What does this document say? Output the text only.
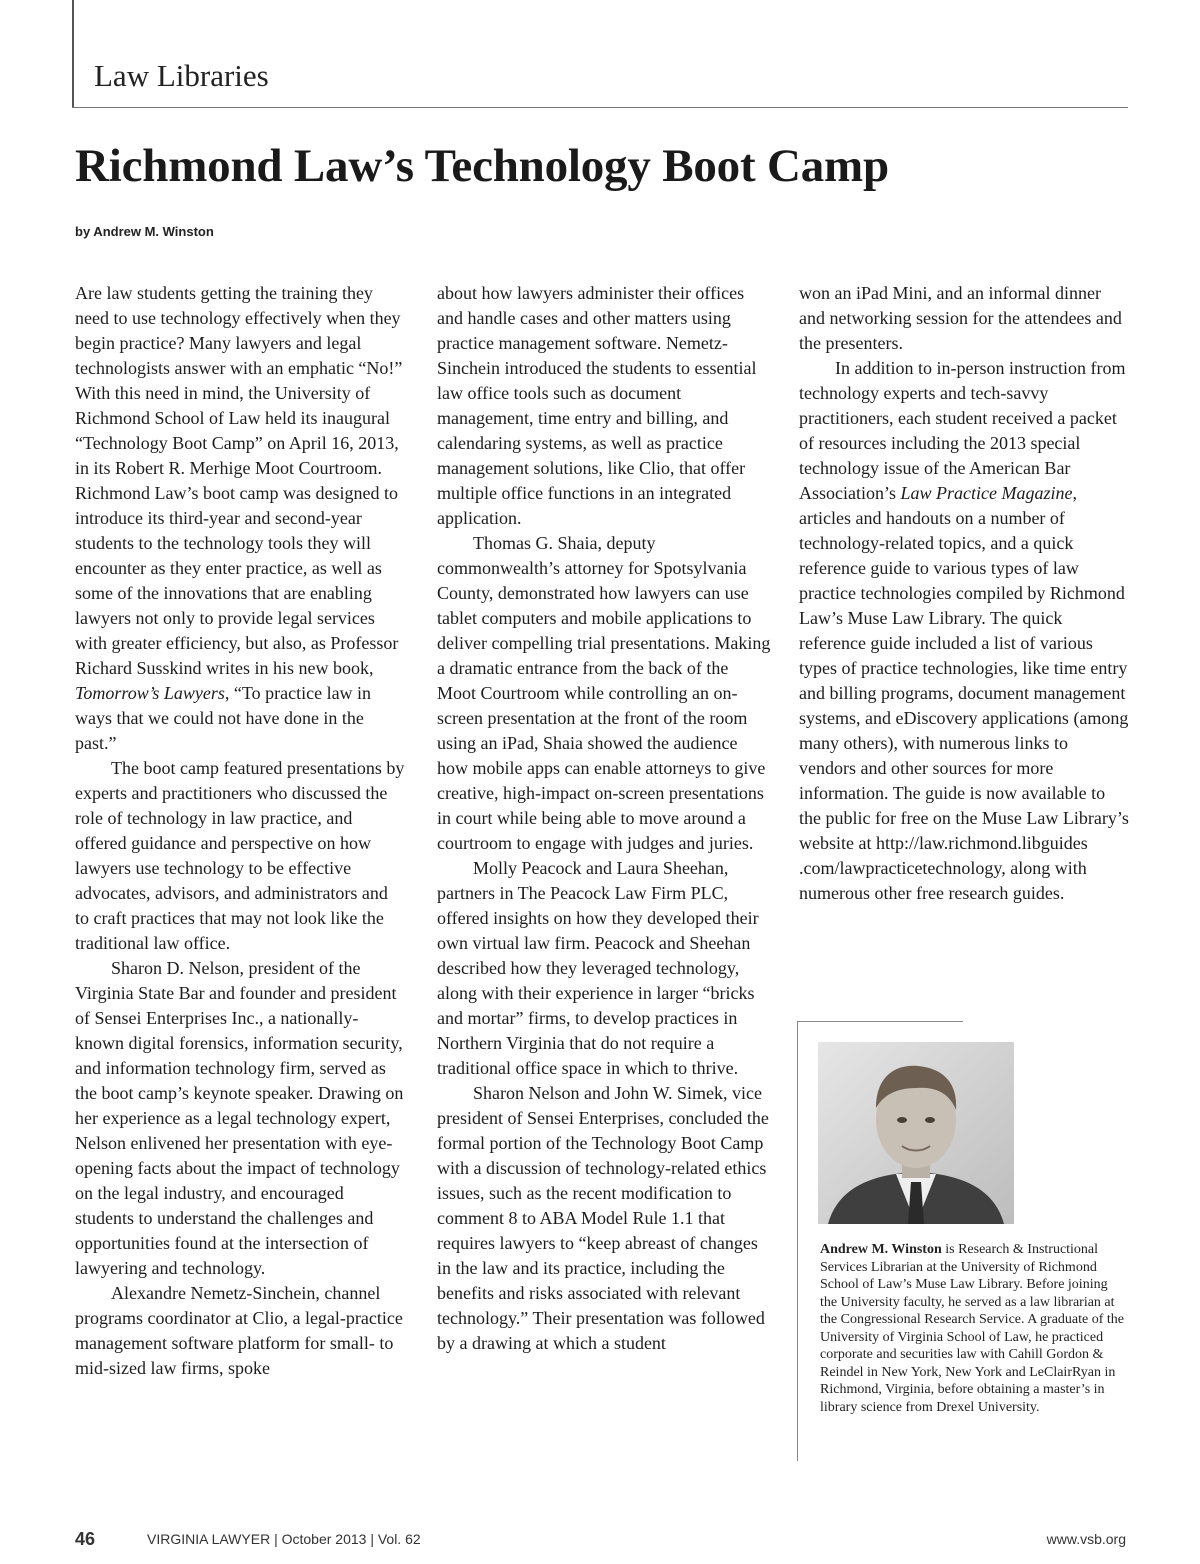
Law Libraries
Richmond Law’s Technology Boot Camp

by Andrew M. Winston

Are law students getting the training they need to use technology effectively when they begin practice? Many lawyers and legal technologists answer with an emphatic “No!” With this need in mind, the University of Richmond School of Law held its inaugural “Technology Boot Camp” on April 16, 2013, in its Robert R. Merhige Moot Courtroom. Richmond Law’s boot camp was designed to introduce its third-year and second-year students to the technology tools they will encounter as they enter practice, as well as some of the innovations that are enabling lawyers not only to provide legal services with greater efficiency, but also, as Professor Richard Susskind writes in his new book, Tomorrow’s Lawyers, “To practice law in ways that we could not have done in the past.”

The boot camp featured presentations by experts and practitioners who discussed the role of technology in law practice, and offered guidance and perspective on how lawyers use technology to be effective advocates, advisors, and administrators and to craft practices that may not look like the traditional law office.

Sharon D. Nelson, president of the Virginia State Bar and founder and president of Sensei Enterprises Inc., a nationally-known digital forensics, information security, and information technology firm, served as the boot camp’s keynote speaker. Drawing on her experience as a legal technology expert, Nelson enlivened her presentation with eye-opening facts about the impact of technology on the legal industry, and encouraged students to understand the challenges and opportunities found at the intersection of lawyering and technology.

Alexandre Nemetz-Sinchein, channel programs coordinator at Clio, a legal-practice management software platform for small- to mid-sized law firms, spoke

about how lawyers administer their offices and handle cases and other matters using practice management software. Nemetz-Sinchein introduced the students to essential law office tools such as document management, time entry and billing, and calendaring systems, as well as practice management solutions, like Clio, that offer multiple office functions in an integrated application.

Thomas G. Shaia, deputy commonwealth’s attorney for Spotsylvania County, demonstrated how lawyers can use tablet computers and mobile applications to deliver compelling trial presentations. Making a dramatic entrance from the back of the Moot Courtroom while controlling an on-screen presentation at the front of the room using an iPad, Shaia showed the audience how mobile apps can enable attorneys to give creative, high-impact on-screen presentations in court while being able to move around a courtroom to engage with judges and juries.

Molly Peacock and Laura Sheehan, partners in The Peacock Law Firm PLC, offered insights on how they developed their own virtual law firm. Peacock and Sheehan described how they leveraged technology, along with their experience in larger “bricks and mortar” firms, to develop practices in Northern Virginia that do not require a traditional office space in which to thrive.

Sharon Nelson and John W. Simek, vice president of Sensei Enterprises, concluded the formal portion of the Technology Boot Camp with a discussion of technology-related ethics issues, such as the recent modification to comment 8 to ABA Model Rule 1.1 that requires lawyers to “keep abreast of changes in the law and its practice, including the benefits and risks associated with relevant technology.” Their presentation was followed by a drawing at which a student

won an iPad Mini, and an informal dinner and networking session for the attendees and the presenters.

In addition to in-person instruction from technology experts and tech-savvy practitioners, each student received a packet of resources including the 2013 special technology issue of the American Bar Association’s Law Practice Magazine, articles and handouts on a number of technology-related topics, and a quick reference guide to various types of law practice technologies compiled by Richmond Law’s Muse Law Library. The quick reference guide included a list of various types of practice technologies, like time entry and billing programs, document management systems, and eDiscovery applications (among many others), with numerous links to vendors and other sources for more information. The guide is now available to the public for free on the Muse Law Library’s website at http://law.richmond.libguides .com/lawpracticetechnology, along with numerous other free research guides.

Andrew M. Winston is Research & Instructional Services Librarian at the University of Richmond School of Law’s Muse Law Library. Before joining the University faculty, he served as a law librarian at the Congressional Research Service. A graduate of the University of Virginia School of Law, he practiced corporate and securities law with Cahill Gordon & Reindel in New York, New York and LeClairRyan in Richmond, Virginia, before obtaining a master’s in library science from Drexel University.

46	VIRGINIA LAWYER | October 2013 | Vol. 62	www.vsb.org
